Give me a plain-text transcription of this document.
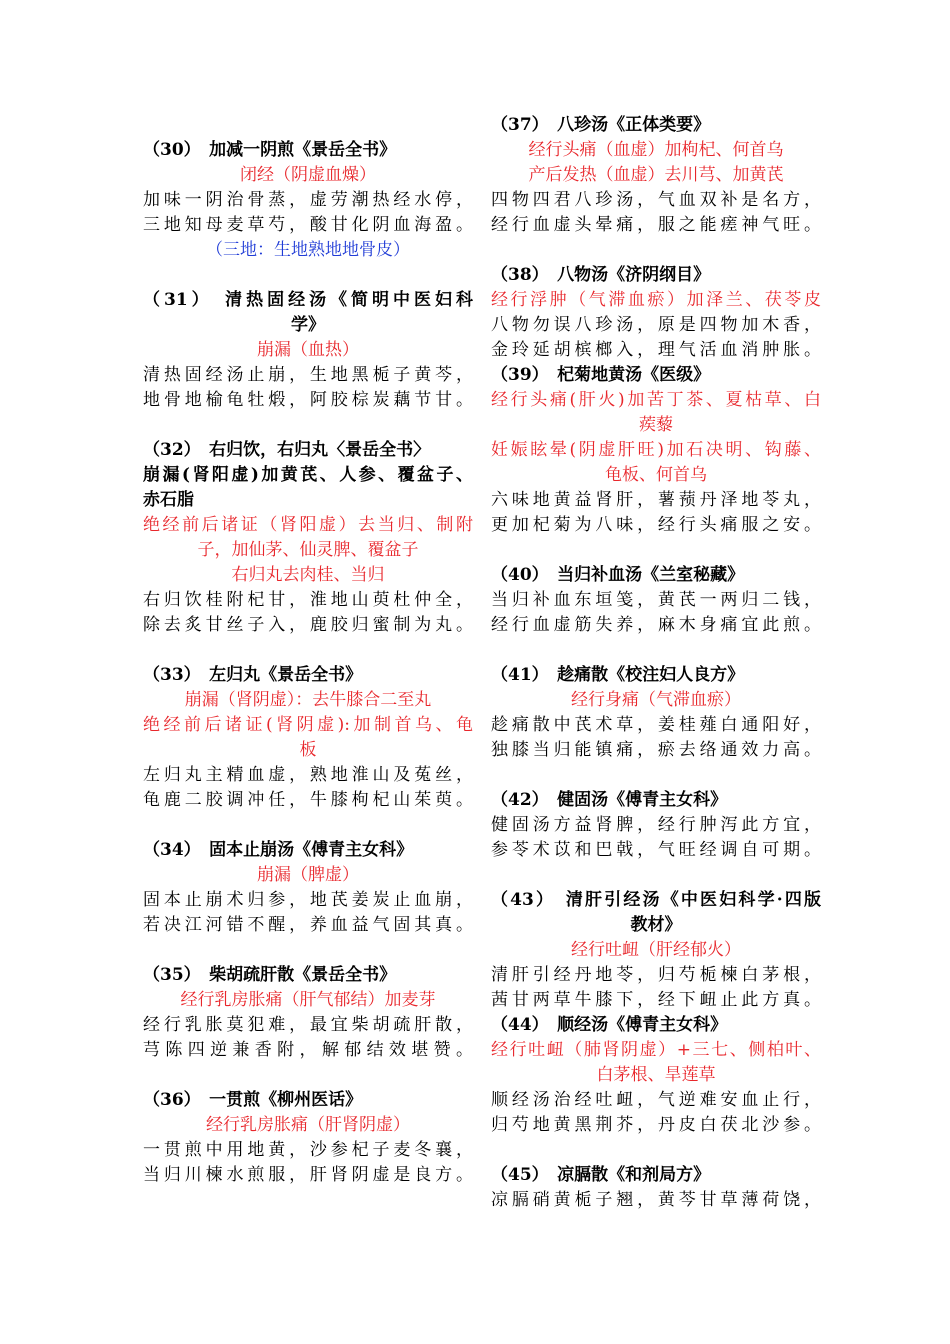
（30）　加减一阴煎《景岳全书》
闭经（阴虚血燥）
加味一阴治骨蒸，虚劳潮热经水停，
三地知母麦草芍，酸甘化阴血海盈。
（三地：生地熟地地骨皮）
（31）　清热固经汤《简明中医妇科
学》
崩漏（血热）
清热固经汤止崩，生地黑栀子黄芩，
地骨地榆龟牡煅，阿胶棕炭藕节甘。
（32）　右归饮，右归丸〈景岳全书〉
崩漏(肾阳虚)加黄芪、人参、覆盆子、
赤石脂
绝经前后诸证（肾阳虚）去当归、制附
子，加仙茅、仙灵脾、覆盆子
右归丸去肉桂、当归
右归饮桂附杞甘，淮地山萸杜仲全，
除去炙甘丝子入，鹿胶归蜜制为丸。
（33）　左归丸《景岳全书》
崩漏（肾阴虚）：去牛膝合二至丸
绝经前后诸证(肾阴虚):加制首乌、龟
板
左归丸主精血虚，熟地淮山及菟丝，
龟鹿二胶调冲任，牛膝枸杞山茱萸。
（34）　固本止崩汤《傅青主女科》
崩漏（脾虚）
固本止崩术归参，地芪姜炭止血崩，
若决江河错不醒，养血益气固其真。
（35）　柴胡疏肝散《景岳全书》
经行乳房胀痛（肝气郁结）加麦芽
经行乳胀莫犯难，最宜柴胡疏肝散，
芎陈四逆兼香附，解郁结效堪赞。
（36）　一贯煎《柳州医话》
经行乳房胀痛（肝肾阴虚）
一贯煎中用地黄，沙参杞子麦冬襄，
当归川楝水煎服，肝肾阴虚是良方。
（37）　八珍汤《正体类要》
经行头痛（血虚）加枸杞、何首乌
产后发热（血虚）去川芎、加黄芪
四物四君八珍汤，气血双补是名方，
经行血虚头晕痛，服之能瘥神气旺。
（38）　八物汤《济阴纲目》
经行浮肿（气滞血瘀）加泽兰、茯苓皮
八物勿误八珍汤，原是四物加木香，
金玲延胡槟榔入，理气活血消肿胀。
（39）　杞菊地黄汤《医级》
经行头痛(肝火)加苦丁茶、夏枯草、白
蒺藜
妊娠眩晕(阴虚肝旺)加石决明、钩藤、
龟板、何首乌
六味地黄益肾肝，薯蓣丹泽地苓丸，
更加杞菊为八味，经行头痛服之安。
（40）　当归补血汤《兰室秘藏》
当归补血东垣笺，黄芪一两归二钱，
经行血虚筋失养，麻木身痛宜此煎。
（41）　趁痛散《校注妇人良方》
经行身痛（气滞血瘀）
趁痛散中芪术草，姜桂薤白通阳好，
独膝当归能镇痛，瘀去络通效力高。
（42）　健固汤《傅青主女科》
健固汤方益肾脾，经行肿泻此方宜，
参苓术苡和巴戟，气旺经调自可期。
（43）　清肝引经汤《中医妇科学·四版
教材》
经行吐衄（肝经郁火）
清肝引经丹地苓，归芍栀楝白茅根，
茜甘两草牛膝下，经下衄止此方真。
（44）　顺经汤《傅青主女科》
经行吐衄（肺肾阴虚）+三七、侧柏叶、
白茅根、旱莲草
顺经汤治经吐衄，气逆难安血止行，
归芍地黄黑荆芥，丹皮白茯北沙参。
（45）　凉膈散《和剂局方》
凉膈硝黄栀子翘，黄芩甘草薄荷饶，
